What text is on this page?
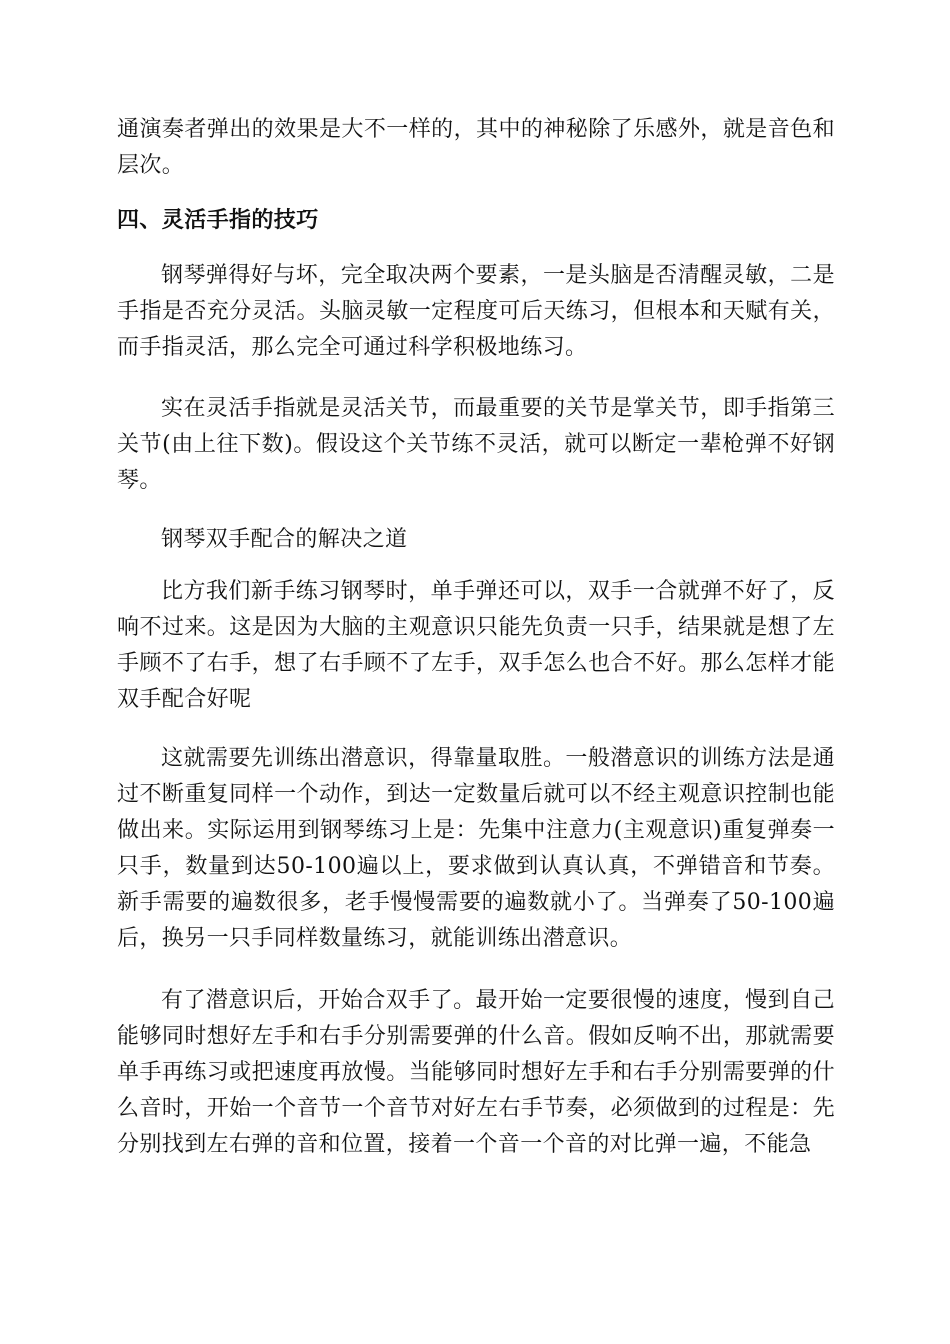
通演奏者弹出的效果是大不一样的，其中的神秘除了乐感外，就是音色和层次。

四、灵活手指的技巧

钢琴弹得好与坏，完全取决两个要素，一是头脑是否清醒灵敏，二是手指是否充分灵活。头脑灵敏一定程度可后天练习，但根本和天赋有关，而手指灵活，那么完全可通过科学积极地练习。

实在灵活手指就是灵活关节，而最重要的关节是掌关节，即手指第三关节(由上往下数)。假设这个关节练不灵活，就可以断定一辈枪弹不好钢琴。

钢琴双手配合的解决之道

比方我们新手练习钢琴时，单手弹还可以，双手一合就弹不好了，反响不过来。这是因为大脑的主观意识只能先负责一只手，结果就是想了左手顾不了右手，想了右手顾不了左手，双手怎么也合不好。那么怎样才能双手配合好呢

这就需要先训练出潜意识，得靠量取胜。一般潜意识的训练方法是通过不断重复同样一个动作，到达一定数量后就可以不经主观意识控制也能做出来。实际运用到钢琴练习上是：先集中注意力(主观意识)重复弹奏一只手，数量到达50-100遍以上，要求做到认真认真，不弹错音和节奏。新手需要的遍数很多，老手慢慢需要的遍数就小了。当弹奏了50-100遍后，换另一只手同样数量练习，就能训练出潜意识。

有了潜意识后，开始合双手了。最开始一定要很慢的速度，慢到自己能够同时想好左手和右手分别需要弹的什么音。假如反响不出，那就需要单手再练习或把速度再放慢。当能够同时想好左手和右手分别需要弹的什么音时，开始一个音节一个音节对好左右手节奏，必须做到的过程是：先分别找到左右弹的音和位置，接着一个音一个音的对比弹一遍，不能急
